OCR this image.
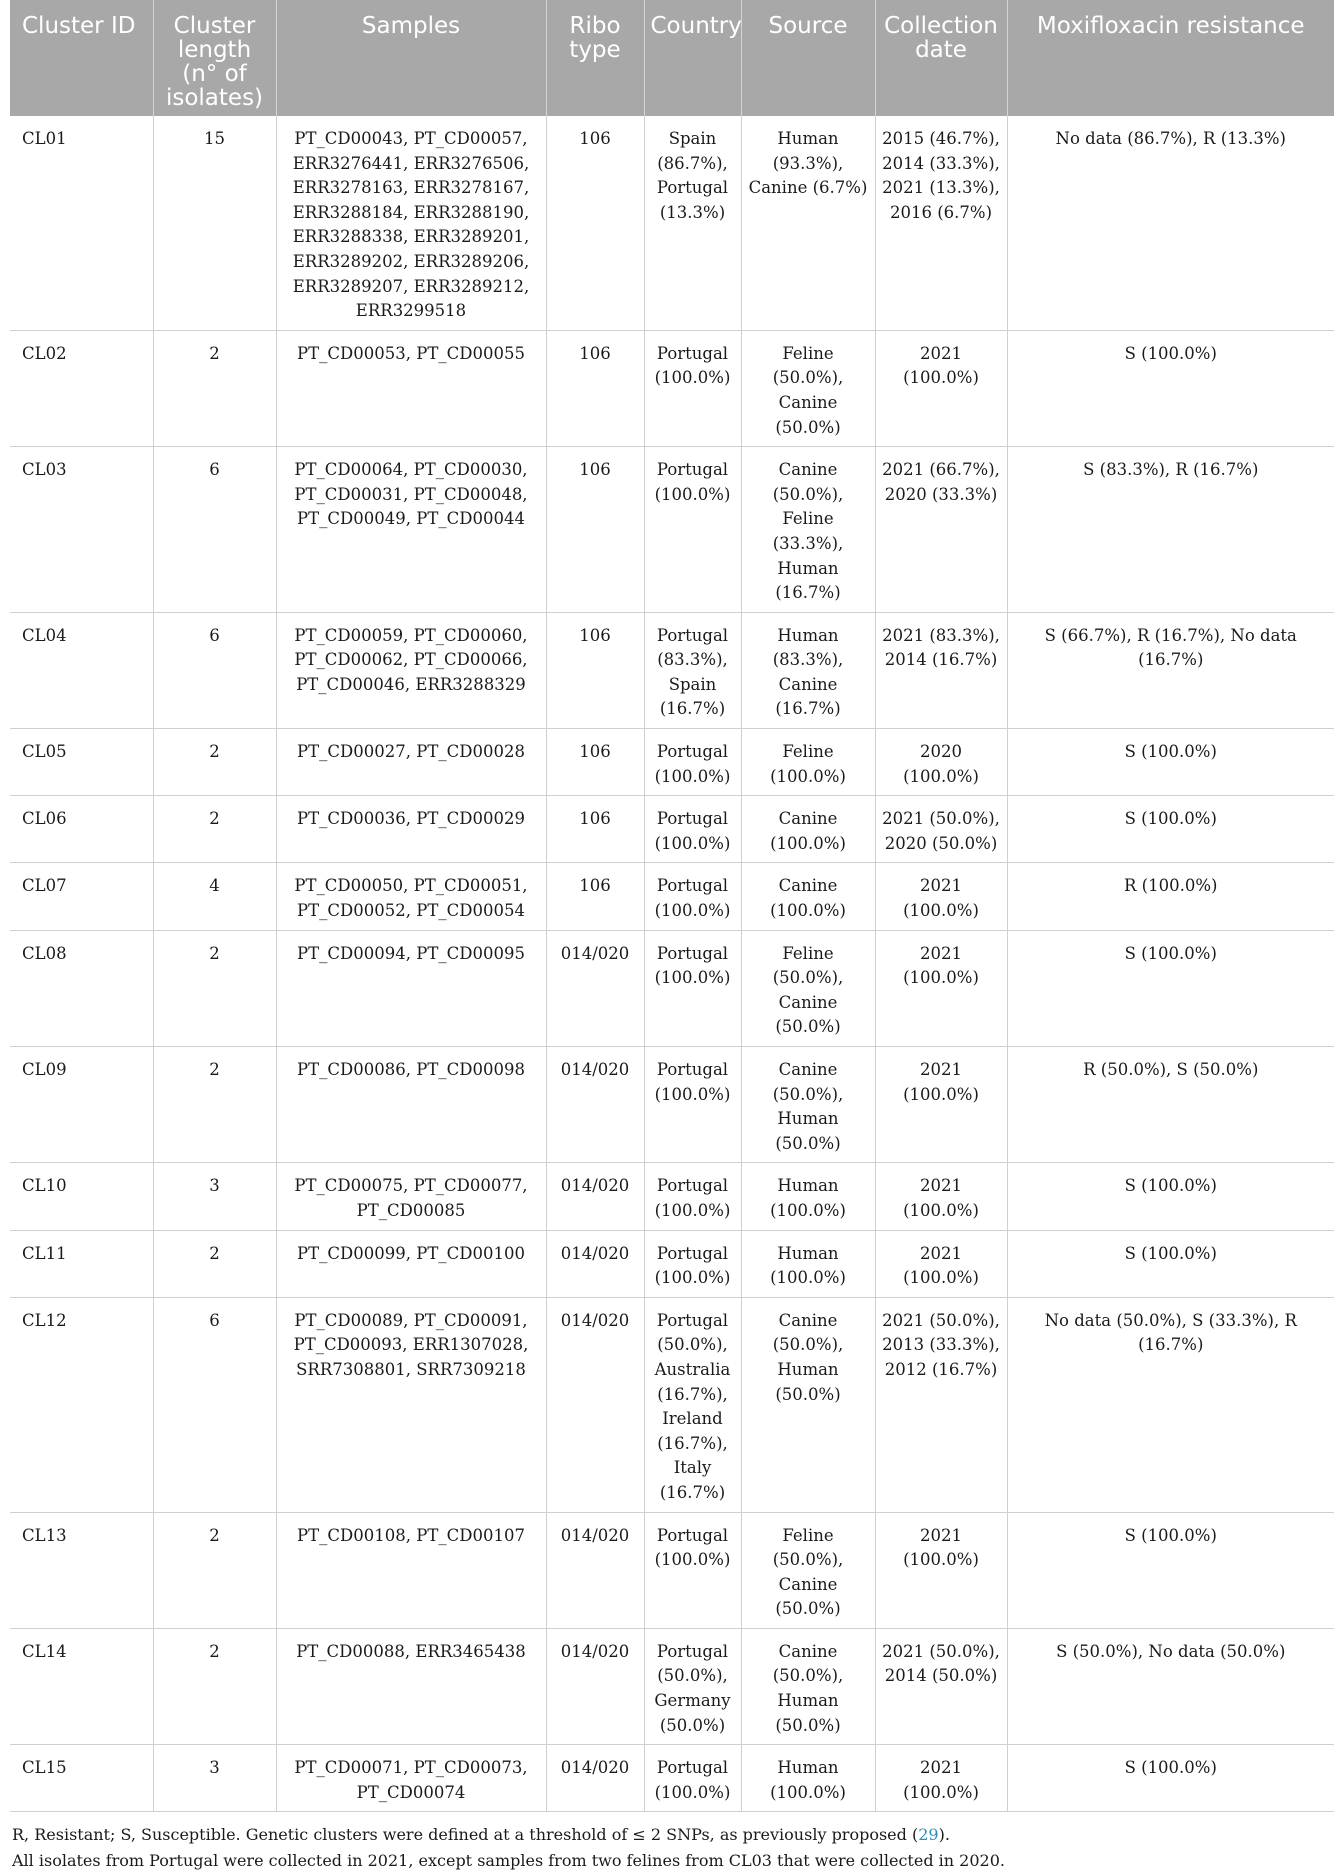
Cluster ID	Cluster length (n° of isolates)	Samples	Ribo type	Country	Source	Collection date	Moxifloxacin resistance
CL01	15	PT_CD00043, PT_CD00057, ERR3276441, ERR3276506, ERR3278163, ERR3278167, ERR3288184, ERR3288190, ERR3288338, ERR3289201, ERR3289202, ERR3289206, ERR3289207, ERR3289212, ERR3299518	106	Spain (86.7%), Portugal (13.3%)	Human (93.3%), Canine (6.7%)	2015 (46.7%), 2014 (33.3%), 2021 (13.3%), 2016 (6.7%)	No data (86.7%), R (13.3%)
CL02	2	PT_CD00053, PT_CD00055	106	Portugal (100.0%)	Feline (50.0%), Canine (50.0%)	2021 (100.0%)	S (100.0%)
CL03	6	PT_CD00064, PT_CD00030, PT_CD00031, PT_CD00048, PT_CD00049, PT_CD00044	106	Portugal (100.0%)	Canine (50.0%), Feline (33.3%), Human (16.7%)	2021 (66.7%), 2020 (33.3%)	S (83.3%), R (16.7%)
CL04	6	PT_CD00059, PT_CD00060, PT_CD00062, PT_CD00066, PT_CD00046, ERR3288329	106	Portugal (83.3%), Spain (16.7%)	Human (83.3%), Canine (16.7%)	2021 (83.3%), 2014 (16.7%)	S (66.7%), R (16.7%), No data (16.7%)
CL05	2	PT_CD00027, PT_CD00028	106	Portugal (100.0%)	Feline (100.0%)	2020 (100.0%)	S (100.0%)
CL06	2	PT_CD00036, PT_CD00029	106	Portugal (100.0%)	Canine (100.0%)	2021 (50.0%), 2020 (50.0%)	S (100.0%)
CL07	4	PT_CD00050, PT_CD00051, PT_CD00052, PT_CD00054	106	Portugal (100.0%)	Canine (100.0%)	2021 (100.0%)	R (100.0%)
CL08	2	PT_CD00094, PT_CD00095	014/020	Portugal (100.0%)	Feline (50.0%), Canine (50.0%)	2021 (100.0%)	S (100.0%)
CL09	2	PT_CD00086, PT_CD00098	014/020	Portugal (100.0%)	Canine (50.0%), Human (50.0%)	2021 (100.0%)	R (50.0%), S (50.0%)
CL10	3	PT_CD00075, PT_CD00077, PT_CD00085	014/020	Portugal (100.0%)	Human (100.0%)	2021 (100.0%)	S (100.0%)
CL11	2	PT_CD00099, PT_CD00100	014/020	Portugal (100.0%)	Human (100.0%)	2021 (100.0%)	S (100.0%)
CL12	6	PT_CD00089, PT_CD00091, PT_CD00093, ERR1307028, SRR7308801, SRR7309218	014/020	Portugal (50.0%), Australia (16.7%), Ireland (16.7%), Italy (16.7%)	Canine (50.0%), Human (50.0%)	2021 (50.0%), 2013 (33.3%), 2012 (16.7%)	No data (50.0%), S (33.3%), R (16.7%)
CL13	2	PT_CD00108, PT_CD00107	014/020	Portugal (100.0%)	Feline (50.0%), Canine (50.0%)	2021 (100.0%)	S (100.0%)
CL14	2	PT_CD00088, ERR3465438	014/020	Portugal (50.0%), Germany (50.0%)	Canine (50.0%), Human (50.0%)	2021 (50.0%), 2014 (50.0%)	S (50.0%), No data (50.0%)
CL15	3	PT_CD00071, PT_CD00073, PT_CD00074	014/020	Portugal (100.0%)	Human (100.0%)	2021 (100.0%)	S (100.0%)
R, Resistant; S, Susceptible. Genetic clusters were defined at a threshold of ≤ 2 SNPs, as previously proposed (29).
All isolates from Portugal were collected in 2021, except samples from two felines from CL03 that were collected in 2020.
